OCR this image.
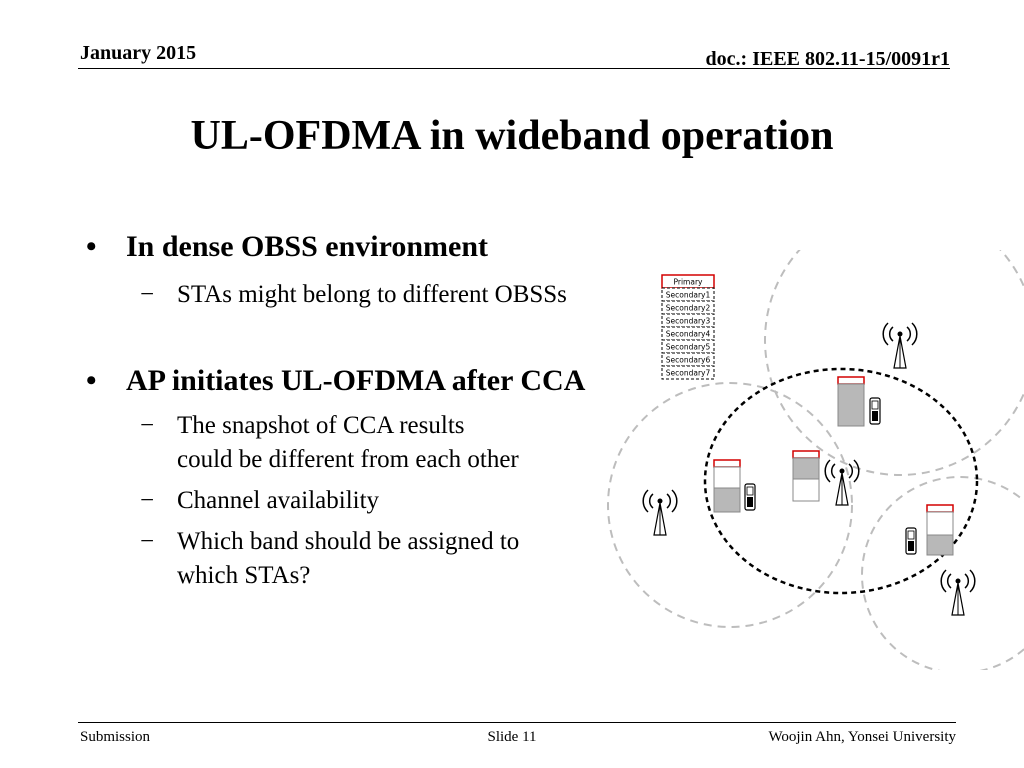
January 2015	doc.: IEEE 802.11-15/0091r1
UL-OFDMA in wideband operation
• In dense OBSS environment
− STAs might belong to different OBSSs
• AP initiates UL-OFDMA after CCA
− The snapshot of CCA results
could be different from each other
− Channel availability
− Which band should be assigned to
which STAs?
Primary
Secondary1
Secondary2
Secondary3
Secondary4
Secondary5
Secondary6
Secondary7
Submission	Slide 11	Woojin Ahn, Yonsei University
